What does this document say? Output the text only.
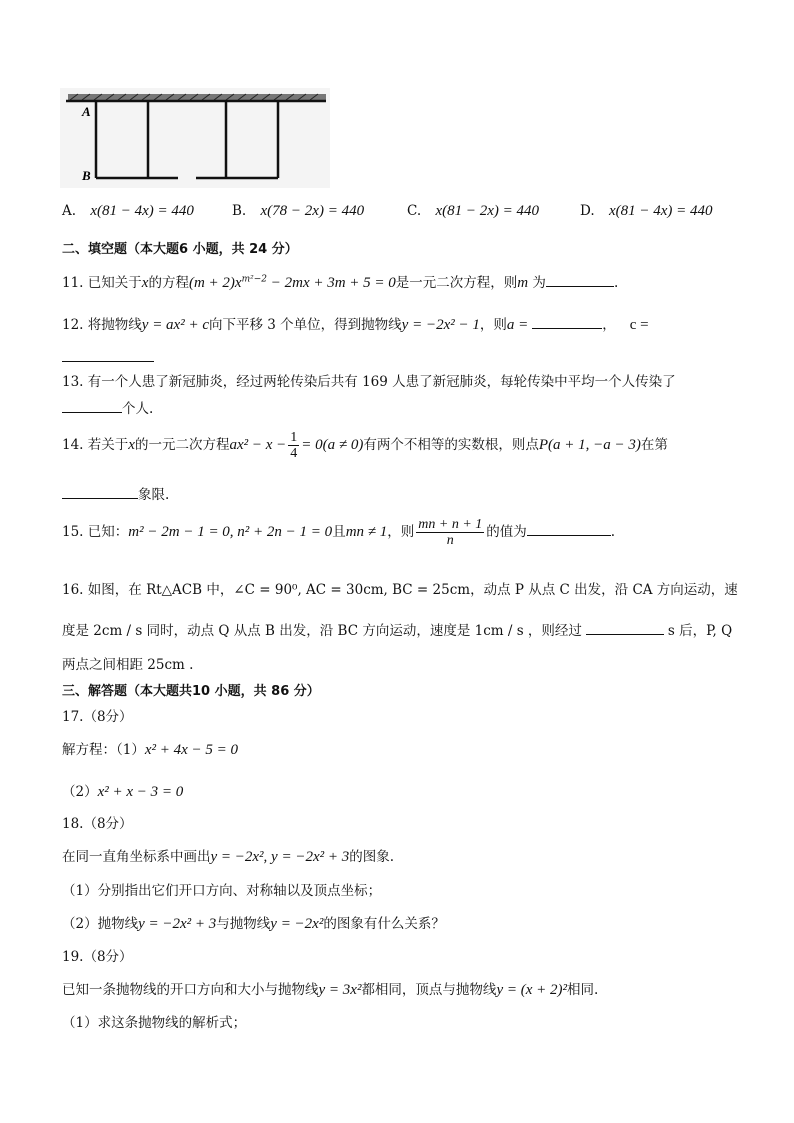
A
B
A. x(81 − 4x) = 440	B. x(78 − 2x) = 440	C. x(81 − 2x) = 440	D. x(81 − 4x) = 440
二、填空题（本大题6 小题，共 24 分）
11. 已知关于x的方程$(m + 2)x^{m^2-2} - 2mx + 3m + 5 = 0$是一元二次方程，则m 为	.
12. 将抛物线y = ax² + c向下平移 3 个单位，得到抛物线y = −2x² − 1，则a =	， c =
13. 有一个人患了新冠肺炎，经过两轮传染后共有 169 人患了新冠肺炎，每轮传染中平均一个人传染了
个人.
14. 若关于x的一元二次方程$ax^2 - x - \frac{1}{4} = 0(a \ne 0)$有两个不相等的实数根，则点P(a + 1, −a − 3)在第
象限.
15. 已知：m² − 2m − 1 = 0, n² + 2n − 1 = 0且mn ≠ 1，则 $\frac{mn + n + 1}{n}$ 的值为	.
16. 如图，在 Rt△ACB 中，∠C = 90⁰, AC = 30cm, BC = 25cm，动点 P 从点 C 出发，沿 CA 方向运动，速
度是 2cm / s 同时，动点 Q 从点 B 出发，沿 BC 方向运动，速度是 1cm / s ，则经过	s 后，P, Q
两点之间相距 25cm .
三、解答题（本大题共10 小题，共 86 分）
17.（8分）
解方程：（1）x² + 4x − 5 = 0
（2）x² + x − 3 = 0
18.（8分）
在同一直角坐标系中画出y = −2x², y = −2x² + 3的图象.
（1）分别指出它们开口方向、对称轴以及顶点坐标；
（2）抛物线y = −2x² + 3与抛物线y = −2x²的图象有什么关系？
19.（8分）
已知一条抛物线的开口方向和大小与抛物线y = 3x²都相同，顶点与抛物线y = (x + 2)²相同.
（1）求这条抛物线的解析式；
